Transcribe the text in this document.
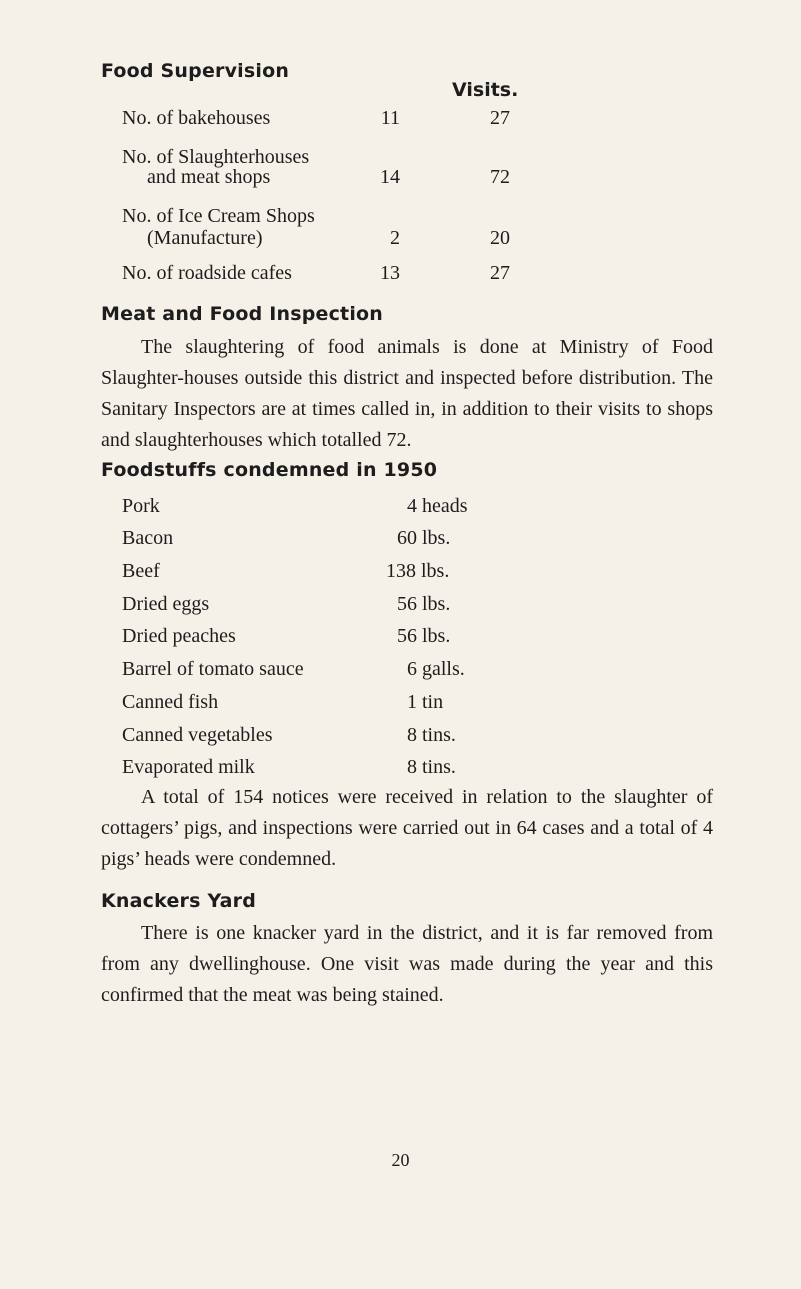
Food Supervision
Visits.
No. of bakehouses	11	27
No. of Slaughterhouses
and meat shops	14	72
No. of Ice Cream Shops
(Manufacture)	2	20
No. of roadside cafes	13	27
Meat and Food Inspection
The slaughtering of food animals is done at Ministry of Food Slaughter-houses outside this district and inspected before distribution. The Sanitary Inspectors are at times called in, in addition to their visits to shops and slaughterhouses which totalled 72.
Foodstuffs condemned in 1950
Pork	4 heads
Bacon	60 lbs.
Beef	138 lbs.
Dried eggs	56 lbs.
Dried peaches	56 lbs.
Barrel of tomato sauce	6 galls.
Canned fish	1 tin
Canned vegetables	8 tins.
Evaporated milk	8 tins.
A total of 154 notices were received in relation to the slaughter of cottagers’ pigs, and inspections were carried out in 64 cases and a total of 4 pigs’ heads were condemned.
Knackers Yard
There is one knacker yard in the district, and it is far removed from from any dwellinghouse. One visit was made during the year and this confirmed that the meat was being stained.
20
